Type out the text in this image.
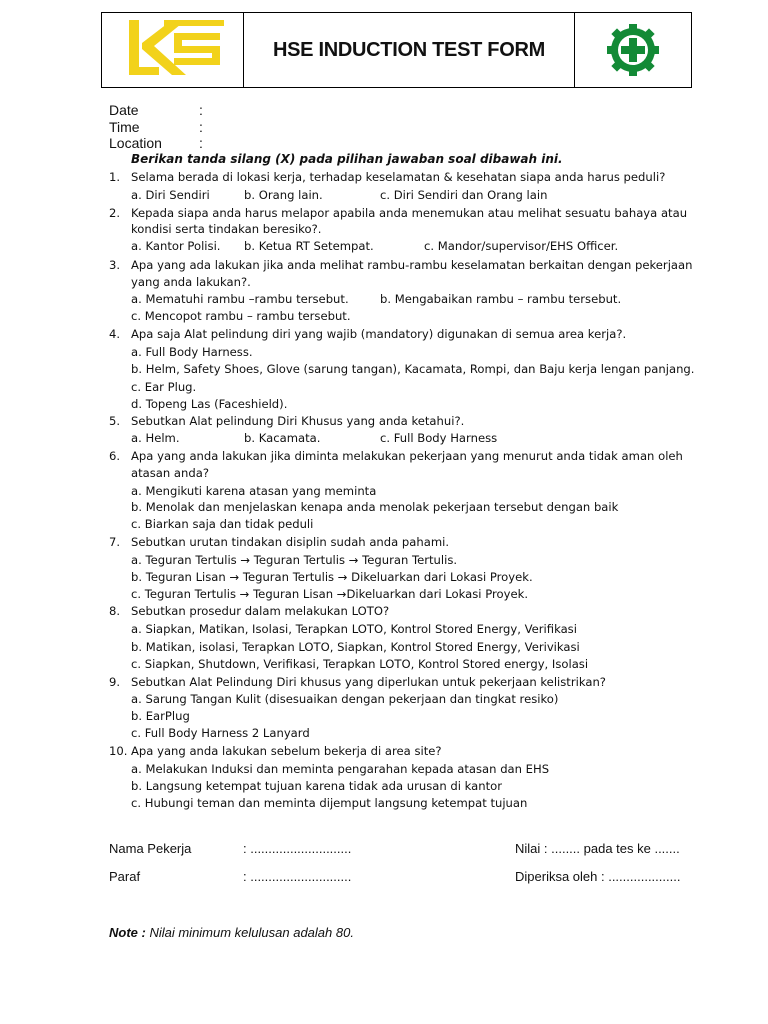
HSE INDUCTION TEST FORM
Date	:
Time	:
Location	:
Berikan tanda silang (X) pada pilihan jawaban soal dibawah ini.
1. Selama berada di lokasi kerja, terhadap keselamatan & kesehatan siapa anda harus peduli?
a. Diri Sendiri	b. Orang lain.	c. Diri Sendiri dan Orang lain
2. Kepada siapa anda harus melapor apabila anda menemukan atau melihat sesuatu bahaya atau
kondisi serta tindakan beresiko?.
a. Kantor Polisi. b. Ketua RT Setempat.	c. Mandor/supervisor/EHS Officer.
3. Apa yang ada lakukan jika anda melihat rambu-rambu keselamatan berkaitan dengan pekerjaan
yang anda lakukan?.
a. Mematuhi rambu –rambu tersebut.	b. Mengabaikan rambu – rambu tersebut.
c. Mencopot rambu – rambu tersebut.
4. Apa saja Alat pelindung diri yang wajib (mandatory) digunakan di semua area kerja?.
a. Full Body Harness.
b. Helm, Safety Shoes, Glove (sarung tangan), Kacamata, Rompi, dan Baju kerja lengan panjang.
c. Ear Plug.
d. Topeng Las (Faceshield).
5. Sebutkan Alat pelindung Diri Khusus yang anda ketahui?.
a. Helm.	b. Kacamata.	c. Full Body Harness
6. Apa yang anda lakukan jika diminta melakukan pekerjaan yang menurut anda tidak aman oleh
atasan anda?
a. Mengikuti karena atasan yang meminta
b. Menolak dan menjelaskan kenapa anda menolak pekerjaan tersebut dengan baik
c. Biarkan saja dan tidak peduli
7. Sebutkan urutan tindakan disiplin sudah anda pahami.
a. Teguran Tertulis → Teguran Tertulis → Teguran Tertulis.
b. Teguran Lisan → Teguran Tertulis → Dikeluarkan dari Lokasi Proyek.
c. Teguran Tertulis → Teguran Lisan →Dikeluarkan dari Lokasi Proyek.
8. Sebutkan prosedur dalam melakukan LOTO?
a. Siapkan, Matikan, Isolasi, Terapkan LOTO, Kontrol Stored Energy, Verifikasi
b. Matikan, isolasi, Terapkan LOTO, Siapkan, Kontrol Stored Energy, Verivikasi
c. Siapkan, Shutdown, Verifikasi, Terapkan LOTO, Kontrol Stored energy, Isolasi
9. Sebutkan Alat Pelindung Diri khusus yang diperlukan untuk pekerjaan kelistrikan?
a. Sarung Tangan Kulit (disesuaikan dengan pekerjaan dan tingkat resiko)
b. EarPlug
c. Full Body Harness 2 Lanyard
10. Apa yang anda lakukan sebelum bekerja di area site?
a. Melakukan Induksi dan meminta pengarahan kepada atasan dan EHS
b. Langsung ketempat tujuan karena tidak ada urusan di kantor
c. Hubungi teman dan meminta dijemput langsung ketempat tujuan
Nama Pekerja	: ............................	Nilai : ........ pada tes ke .......
Paraf	: ............................	Diperiksa oleh : ....................
Note : Nilai minimum kelulusan adalah 80.
